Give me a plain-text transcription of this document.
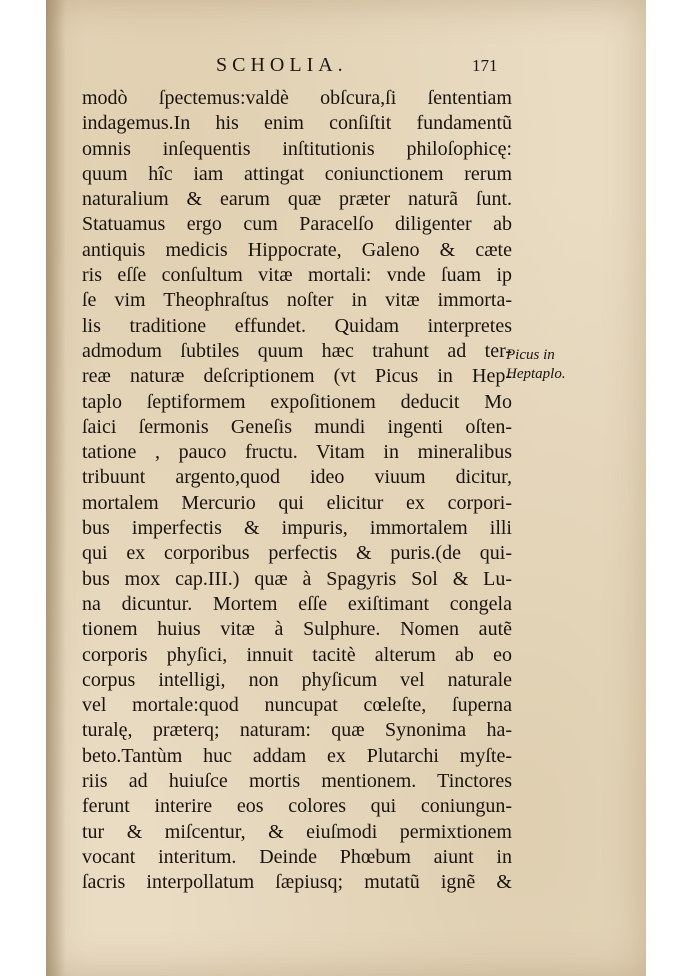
SCHOLIA.	171
modò ſpectemus:valdè obſcura,ſi ſententiam
indagemus.In his enim conſiſtit fundamentũ
omnis inſequentis inſtitutionis philoſophicę:
quum hîc iam attingat coniunctionem rerum
naturalium & earum quæ præter naturã ſunt.
Statuamus ergo cum Paracelſo diligenter ab
antiquis medicis Hippocrate, Galeno & cæte
ris eſſe conſultum vitæ mortali: vnde ſuam ip
ſe vim Theophraſtus noſter in vitæ immorta-
lis traditione effundet. Quidam interpretes
admodum ſubtiles quum hæc trahunt ad ter-
reæ naturæ deſcriptionem (vt Picus in Hep-
taplo ſeptiformem expoſitionem deducit Mo
ſaici ſermonis Geneſis mundi ingenti oſten-
tatione , pauco fructu. Vitam in mineralibus
tribuunt argento,quod ideo viuum dicitur,
mortalem Mercurio qui elicitur ex corpori-
bus imperfectis & impuris, immortalem illi
qui ex corporibus perfectis & puris.(de qui-
bus mox cap.III.) quæ à Spagyris Sol & Lu-
na dicuntur. Mortem eſſe exiſtimant congela
tionem huius vitæ à Sulphure. Nomen autẽ
corporis phyſici, innuit tacitè alterum ab eo
corpus intelligi, non phyſicum vel naturale
vel mortale:quod nuncupat cœleſte, ſuperna
turalę, præterq; naturam: quæ Synonima ha-
beto.Tantùm huc addam ex Plutarchi myſte-
riis ad huiuſce mortis mentionem. Tinctores
ferunt interire eos colores qui coniungun-
tur & miſcentur, & eiuſmodi permixtionem
vocant interitum. Deinde Phœbum aiunt in
ſacris interpollatum ſæpiusq; mutatũ ignẽ &
Picus in
Heptaplo.
